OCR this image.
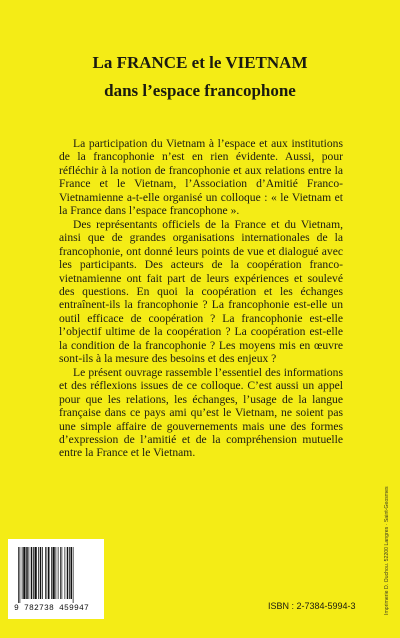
La FRANCE et le VIETNAM
dans l’espace francophone

La participation du Vietnam à l’espace et aux institutions de la francophonie n’est en rien évidente. Aussi, pour réfléchir à la notion de francophonie et aux relations entre la France et le Vietnam, l’Association d’Amitié Franco-Vietnamienne a-t-elle organisé un colloque : « le Vietnam et la France dans l’espace francophone ».

Des représentants officiels de la France et du Vietnam, ainsi que de grandes organisations internationales de la francophonie, ont donné leurs points de vue et dialogué avec les participants. Des acteurs de la coopération franco-vietnamienne ont fait part de leurs expériences et soulevé des questions. En quoi la coopération et les échanges entraînent-ils la francophonie ? La francophonie est-elle un outil efficace de coopération ? La francophonie est-elle l’objectif ultime de la coopération ? La coopération est-elle la condition de la francophonie ? Les moyens mis en œuvre sont-ils à la mesure des besoins et des enjeux ?

Le présent ouvrage rassemble l’essentiel des informations et des réflexions issues de ce colloque. C’est aussi un appel pour que les relations, les échanges, l’usage de la langue française dans ce pays ami qu’est le Vietnam, ne soient pas une simple affaire de gouvernements mais une des formes d’expression de l’amitié et de la compréhension mutuelle entre la France et le Vietnam.

Imprimerie D. Ouchou. 52200 Langres · Saint-Geosmes
9 782738 459947	ISBN : 2-7384-5994-3
